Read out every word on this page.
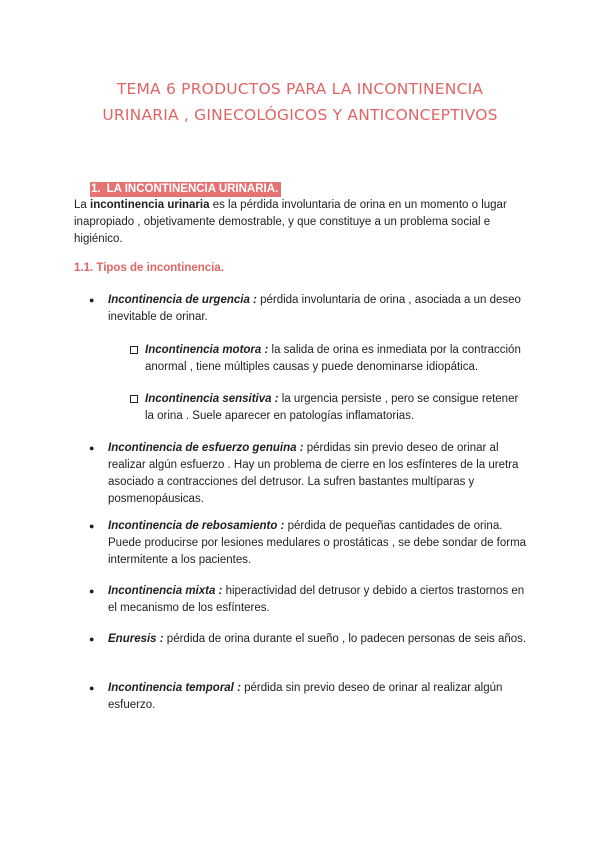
TEMA 6 PRODUCTOS PARA LA INCONTINENCIA
URINARIA , GINECOLÓGICOS Y ANTICONCEPTIVOS
1. LA INCONTINENCIA URINARIA.
La incontinencia urinaria es la pérdida involuntaria de orina en un momento o lugar inapropiado , objetivamente demostrable, y que constituye a un problema social e higiénico.
1.1. Tipos de incontinencia.
● Incontinencia de urgencia : pérdida involuntaria de orina , asociada a un deseo inevitable de orinar.
Incontinencia motora : la salida de orina es inmediata por la contracción anormal , tiene múltiples causas y puede denominarse idiopática.
Incontinencia sensitiva : la urgencia persiste , pero se consigue retener la orina . Suele aparecer en patologías inflamatorias.
● Incontinencia de esfuerzo genuina : pérdidas sin previo deseo de orinar al realizar algún esfuerzo . Hay un problema de cierre en los esfínteres de la uretra asociado a contracciones del detrusor. La sufren bastantes multíparas y posmenopáusicas.
● Incontinencia de rebosamiento : pérdida de pequeñas cantidades de orina. Puede producirse por lesiones medulares o prostáticas , se debe sondar de forma intermitente a los pacientes.
● Incontinencia mixta : hiperactividad del detrusor y debido a ciertos trastornos en el mecanismo de los esfínteres.
● Enuresis : pérdida de orina durante el sueño , lo padecen personas de seis años.
● Incontinencia temporal : pérdida sin previo deseo de orinar al realizar algún esfuerzo.
